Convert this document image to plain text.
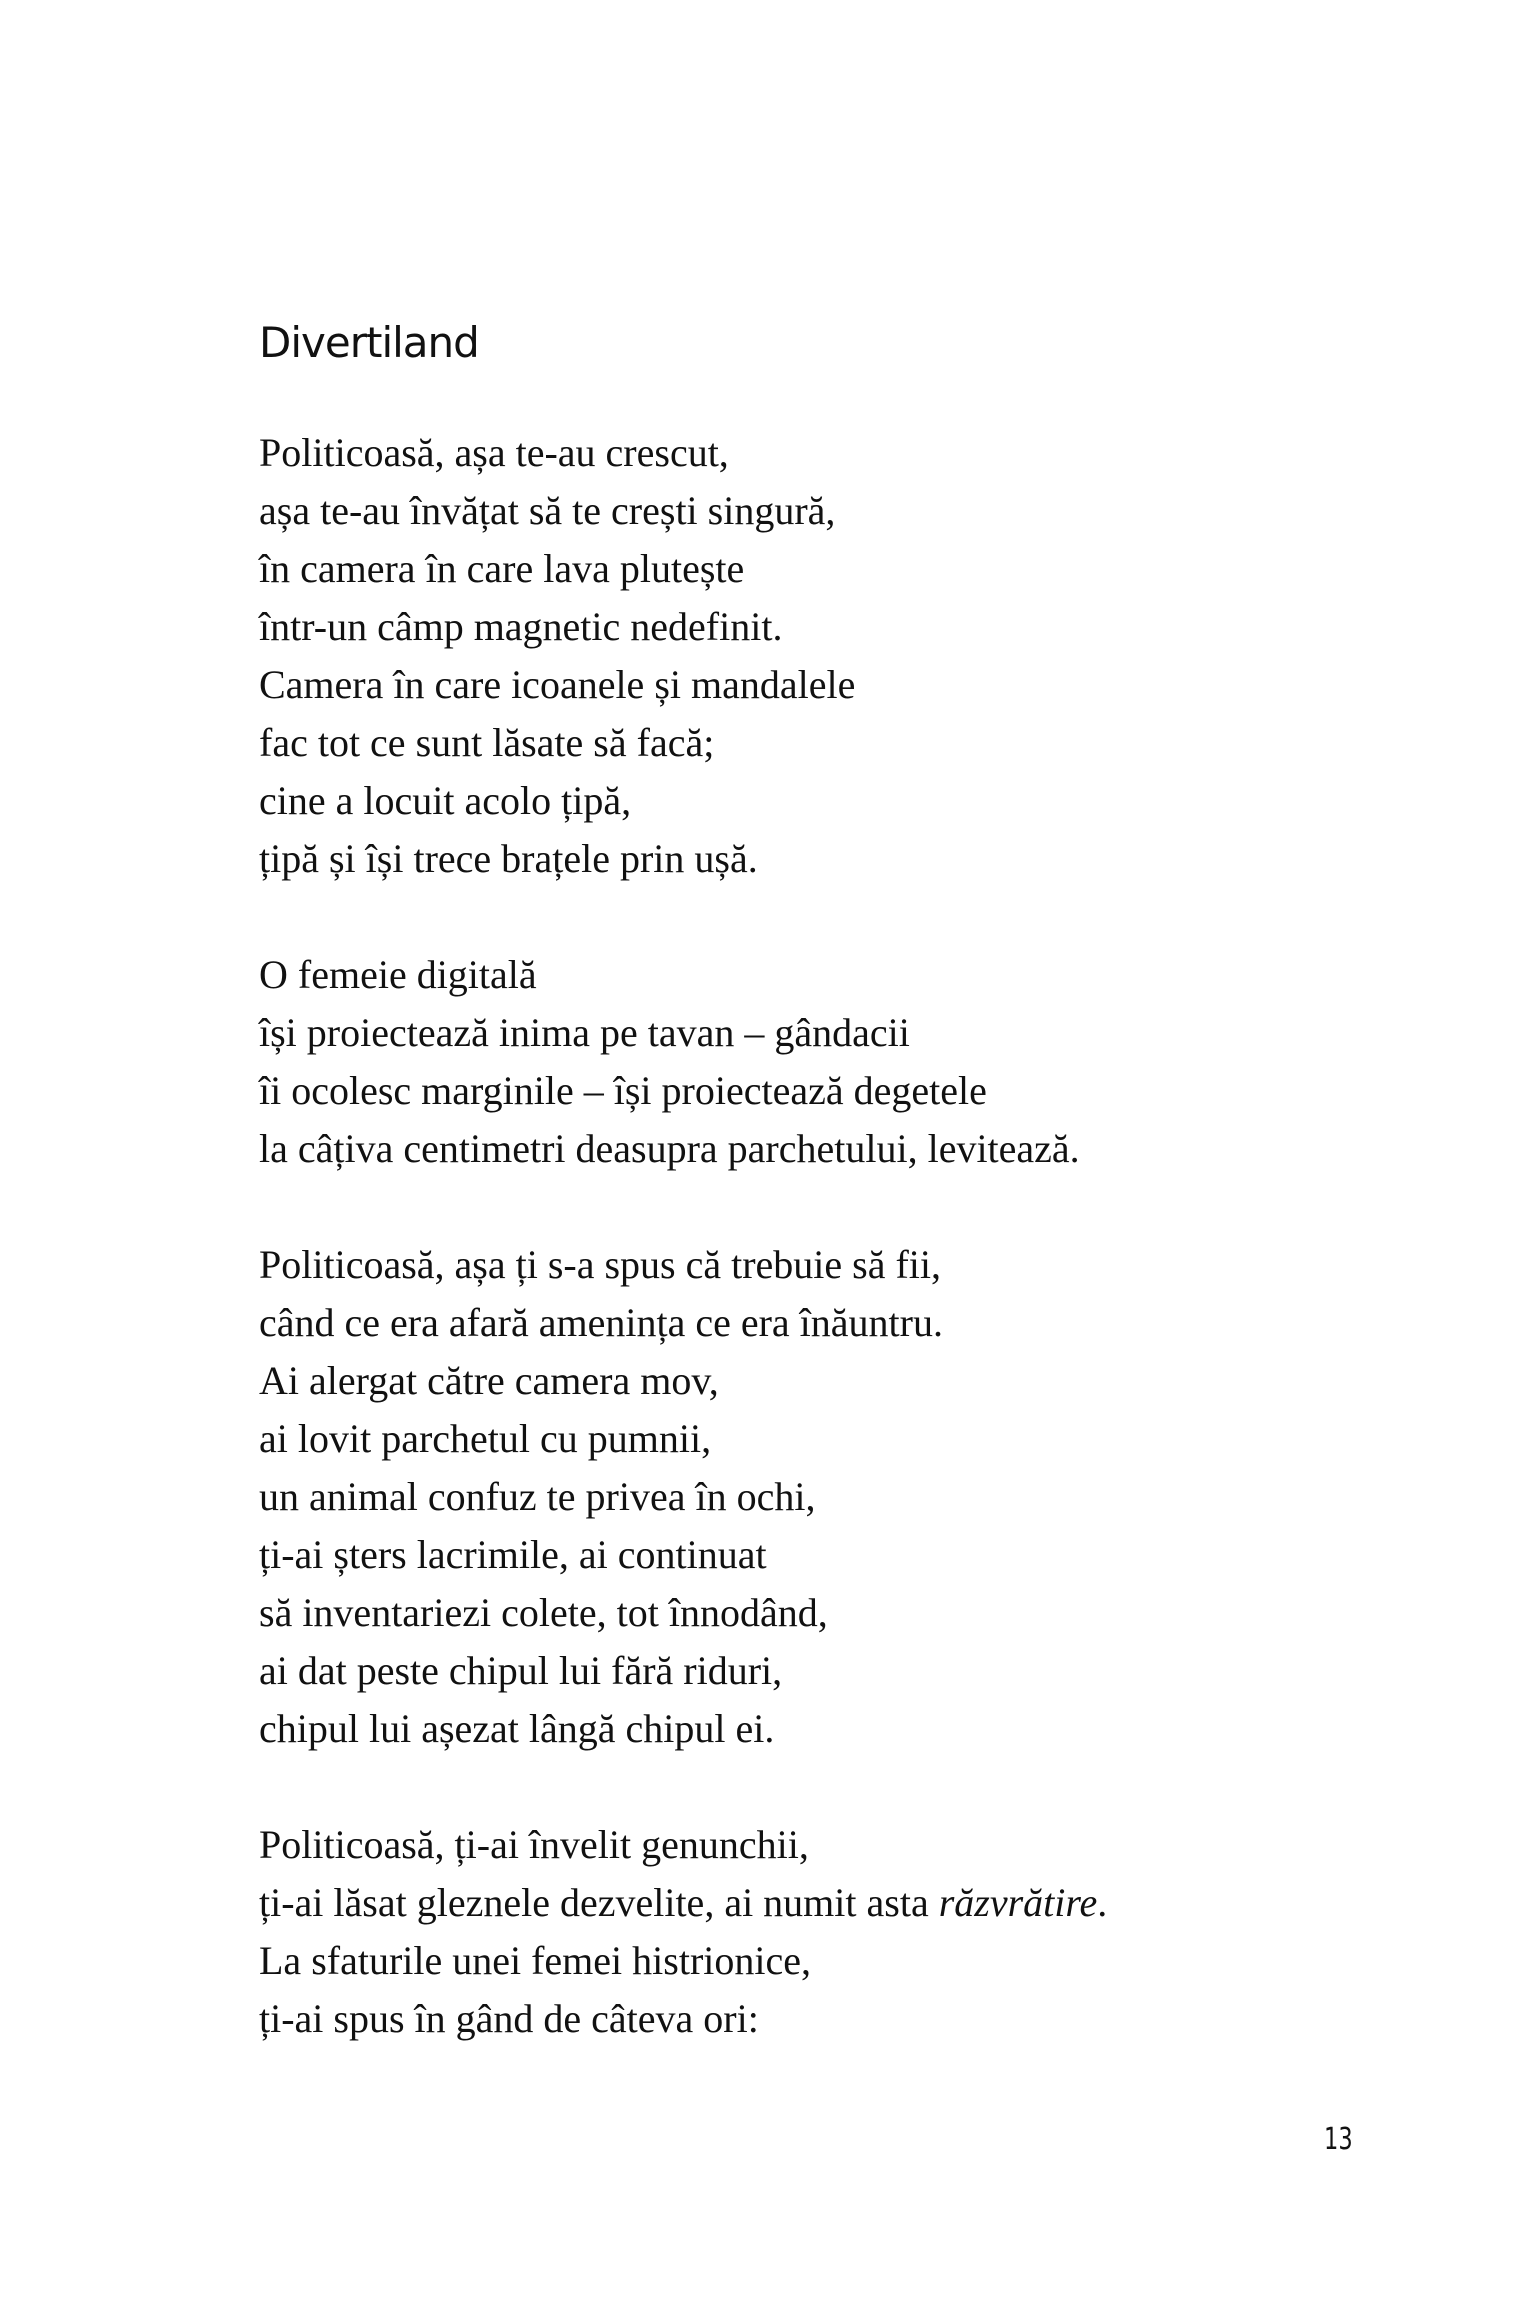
Divertiland

Politicoasă, așa te-au crescut,
așa te-au învățat să te crești singură,
în camera în care lava plutește
într-un câmp magnetic nedefinit.
Camera în care icoanele și mandalele
fac tot ce sunt lăsate să facă;
cine a locuit acolo țipă,
țipă și își trece brațele prin ușă.

O femeie digitală
își proiectează inima pe tavan – gândacii
îi ocolesc marginile – își proiectează degetele
la câțiva centimetri deasupra parchetului, levitează.

Politicoasă, așa ți s-a spus că trebuie să fii,
când ce era afară amenința ce era înăuntru.
Ai alergat către camera mov,
ai lovit parchetul cu pumnii,
un animal confuz te privea în ochi,
ți-ai șters lacrimile, ai continuat
să inventariezi colete, tot înnodând,
ai dat peste chipul lui fără riduri,
chipul lui așezat lângă chipul ei.

Politicoasă, ți-ai învelit genunchii,
ți-ai lăsat gleznele dezvelite, ai numit asta răzvrătire.
La sfaturile unei femei histrionice,
ți-ai spus în gând de câteva ori:

13
